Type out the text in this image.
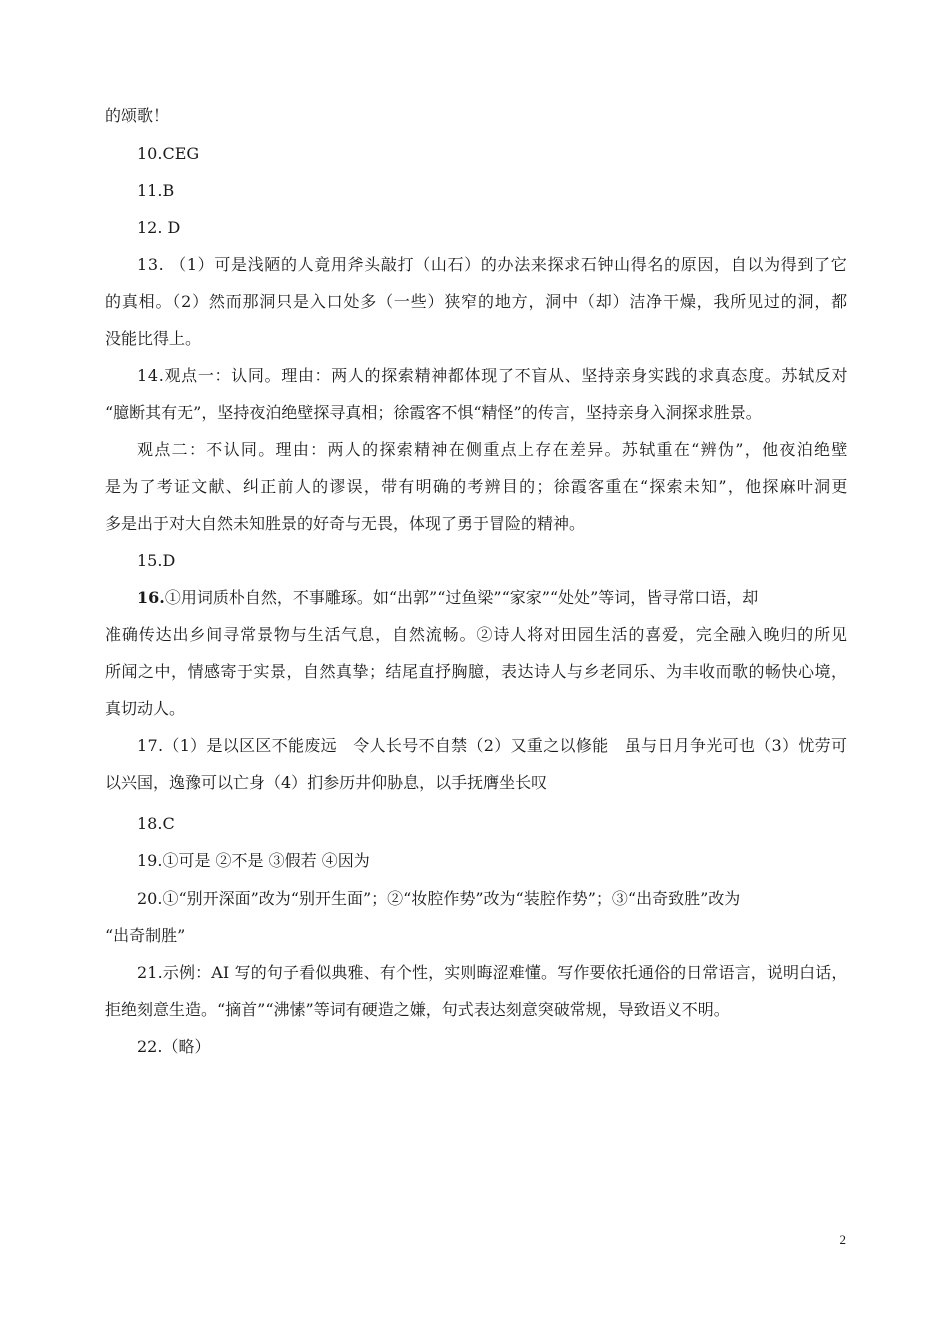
的颂歌！

10.CEG

11.B

12. D

13. （1）可是浅陋的人竟用斧头敲打（山石）的办法来探求石钟山得名的原因，自以为得到了它

的真相。（2）然而那洞只是入口处多（一些）狭窄的地方，洞中（却）洁净干燥，我所见过的洞，都

没能比得上。

14.观点一：认同。理由：两人的探索精神都体现了不盲从、坚持亲身实践的求真态度。苏轼反对

“臆断其有无”，坚持夜泊绝壁探寻真相；徐霞客不惧“精怪”的传言，坚持亲身入洞探求胜景。

观点二：不认同。理由：两人的探索精神在侧重点上存在差异。苏轼重在“辨伪”，他夜泊绝壁

是为了考证文献、纠正前人的谬误，带有明确的考辨目的；徐霞客重在“探索未知”，他探麻叶洞更

多是出于对大自然未知胜景的好奇与无畏，体现了勇于冒险的精神。

15.D

16.①用词质朴自然，不事雕琢。如“出郭”“过鱼梁”“家家”“处处”等词，皆寻常口语，却

准确传达出乡间寻常景物与生活气息，自然流畅。②诗人将对田园生活的喜爱，完全融入晚归的所见

所闻之中，情感寄于实景，自然真挚；结尾直抒胸臆，表达诗人与乡老同乐、为丰收而歌的畅快心境，

真切动人。

17.（1）是以区区不能废远　令人长号不自禁（2）又重之以修能　虽与日月争光可也（3）忧劳可

以兴国，逸豫可以亡身（4）扪参历井仰胁息，以手抚膺坐长叹

18.C

19.①可是 ②不是 ③假若 ④因为

20.①“别开深面”改为“别开生面”；②“妆腔作势”改为“装腔作势”；③“出奇致胜”改为

“出奇制胜”

21.示例：AI 写的句子看似典雅、有个性，实则晦涩难懂。写作要依托通俗的日常语言，说明白话，

拒绝刻意生造。“摘首”“沸愫”等词有硬造之嫌，句式表达刻意突破常规，导致语义不明。

22.（略）

2
